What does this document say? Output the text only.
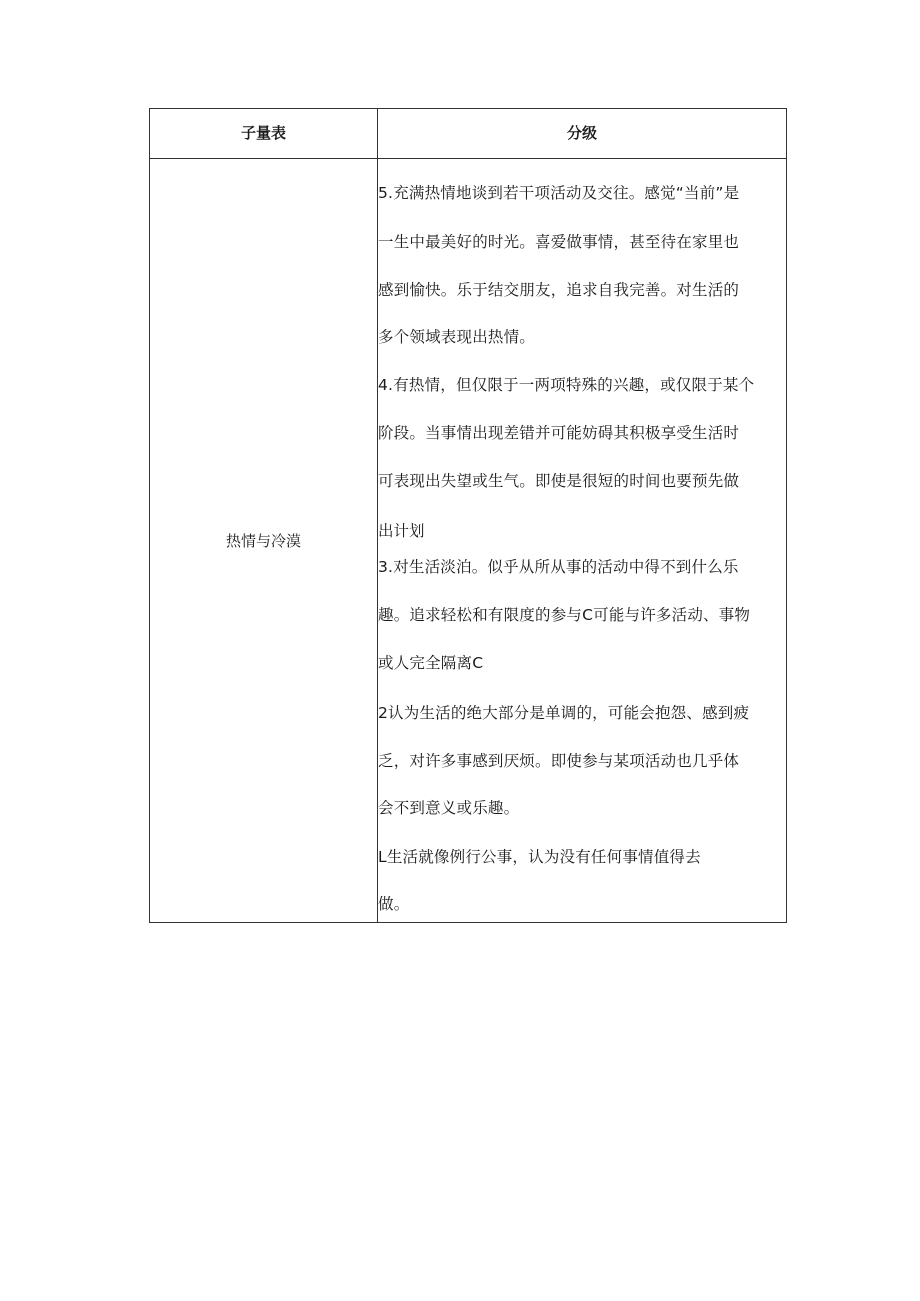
子量表	分级
热情与冷漠
5.充满热情地谈到若干项活动及交往。感觉“当前”是
一生中最美好的时光。喜爱做事情，甚至待在家里也
感到愉快。乐于结交朋友，追求自我完善。对生活的
多个领域表现出热情。
4.有热情，但仅限于一两项特殊的兴趣，或仅限于某个
阶段。当事情出现差错并可能妨碍其积极享受生活时
可表现出失望或生气。即使是很短的时间也要预先做
出计划
3.对生活淡泊。似乎从所从事的活动中得不到什么乐
趣。追求轻松和有限度的参与C可能与许多活动、事物
或人完全隔离C
2认为生活的绝大部分是单调的，可能会抱怨、感到疲
乏，对许多事感到厌烦。即使参与某项活动也几乎体
会不到意义或乐趣。
L生活就像例行公事，认为没有任何事情值得去
做。
